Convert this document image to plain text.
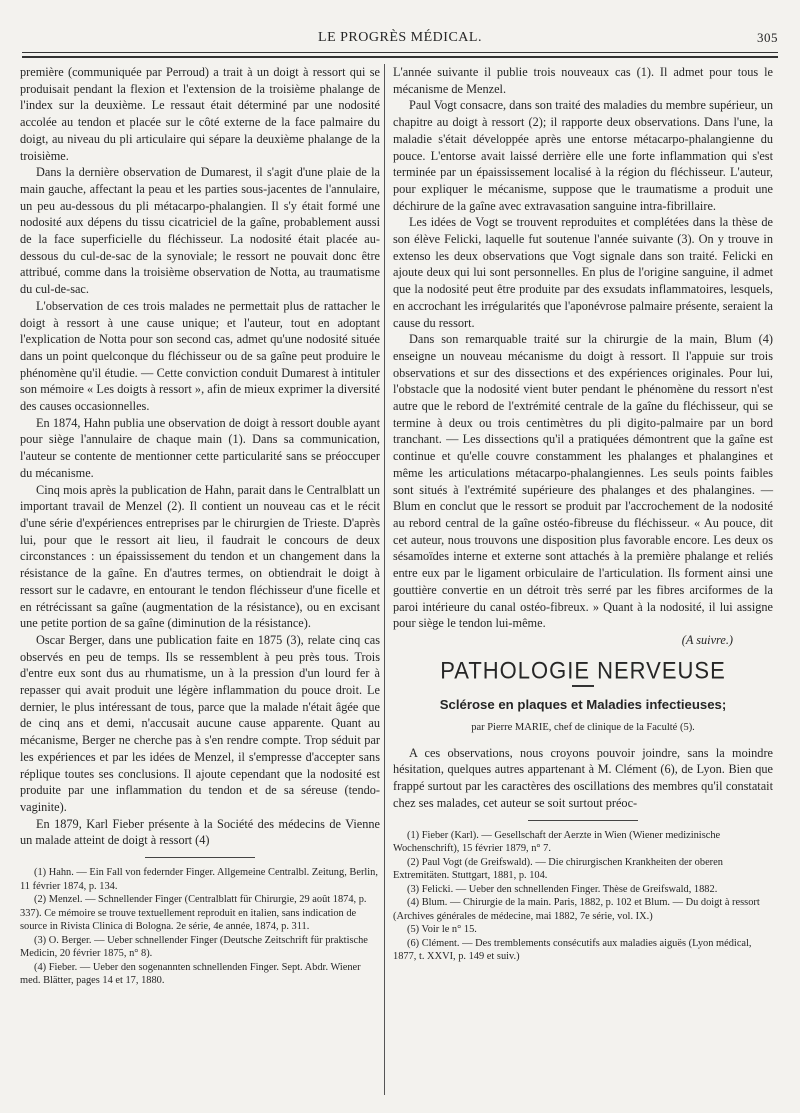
LE PROGRÈS MÉDICAL.	305

première (communiquée par Perroud) a trait à un doigt à ressort qui se produisait pendant la flexion et l'extension de la troisième phalange de l'index sur la deuxième. Le ressaut était déterminé par une nodosité accolée au tendon et placée sur le côté externe de la face palmaire du doigt, au niveau du pli articulaire qui sépare la deuxième phalange de la troisième.

Dans la dernière observation de Dumarest, il s'agit d'une plaie de la main gauche, affectant la peau et les parties sous-jacentes de l'annulaire, un peu au-dessous du pli métacarpo-phalangien. Il s'y était formé une nodosité aux dépens du tissu cicatriciel de la gaîne, probablement aussi de la face superficielle du fléchisseur. La nodosité était placée au-dessous du cul-de-sac de la synoviale; le ressort ne pouvait donc être attribué, comme dans la troisième observation de Notta, au traumatisme du cul-de-sac.

L'observation de ces trois malades ne permettait plus de rattacher le doigt à ressort à une cause unique; et l'auteur, tout en adoptant l'explication de Notta pour son second cas, admet qu'une nodosité située dans un point quelconque du fléchisseur ou de sa gaîne peut produire le phénomène qu'il étudie. — Cette conviction conduit Dumarest à intituler son mémoire « Les doigts à ressort », afin de mieux exprimer la diversité des causes occasionnelles.

En 1874, Hahn publia une observation de doigt à ressort double ayant pour siège l'annulaire de chaque main (1). Dans sa communication, l'auteur se contente de mentionner cette particularité sans se préoccuper du mécanisme.

Cinq mois après la publication de Hahn, parait dans le Centralblatt un important travail de Menzel (2). Il contient un nouveau cas et le récit d'une série d'expériences entreprises par le chirurgien de Trieste. D'après lui, pour que le ressort ait lieu, il faudrait le concours de deux circonstances : un épaississement du tendon et un changement dans la résistance de la gaîne. En d'autres termes, on obtiendrait le doigt à ressort sur le cadavre, en entourant le tendon fléchisseur d'une ficelle et en rétrécissant sa gaîne (augmentation de la résistance), ou en excisant une petite portion de sa gaîne (diminution de la résistance).

Oscar Berger, dans une publication faite en 1875 (3), relate cinq cas observés en peu de temps. Ils se ressemblent à peu près tous. Trois d'entre eux sont dus au rhumatisme, un à la pression d'un lourd fer à repasser qui avait produit une légère inflammation du pouce droit. Le dernier, le plus intéressant de tous, parce que la malade n'était âgée que de cinq ans et demi, n'accusait aucune cause apparente. Quant au mécanisme, Berger ne cherche pas à s'en rendre compte. Trop séduit par les expériences et par les idées de Menzel, il s'empresse d'accepter sans réplique toutes ses conclusions. Il ajoute cependant que la nodosité est produite par une inflammation du tendon et de sa séreuse (tendo-vaginite).

En 1879, Karl Fieber présente à la Société des médecins de Vienne un malade atteint de doigt à ressort (4)

(1) Hahn. — Ein Fall von federnder Finger. Allgemeine Centralbl. Zeitung, Berlin, 11 février 1874, p. 134.

(2) Menzel. — Schnellender Finger (Centralblatt für Chirurgie, 29 août 1874, p. 337). Ce mémoire se trouve textuellement reproduit en italien, sans indication de source in Rivista Clinica di Bologna. 2e série, 4e année, 1874, p. 311.

(3) O. Berger. — Ueber schnellender Finger (Deutsche Zeitschrift für praktische Medicin, 20 février 1875, n° 8).

(4) Fieber. — Ueber den sogenannten schnellenden Finger. Sept. Abdr. Wiener med. Blätter, pages 14 et 17, 1880.

L'année suivante il publie trois nouveaux cas (1). Il admet pour tous le mécanisme de Menzel.

Paul Vogt consacre, dans son traité des maladies du membre supérieur, un chapitre au doigt à ressort (2); il rapporte deux observations. Dans l'une, la maladie s'était développée après une entorse métacarpo-phalangienne du pouce. L'entorse avait laissé derrière elle une forte inflammation qui s'est terminée par un épaississement localisé à la région du fléchisseur. L'auteur, pour expliquer le mécanisme, suppose que le traumatisme a produit une déchirure de la gaîne avec extravasation sanguine intra-fibrillaire.

Les idées de Vogt se trouvent reproduites et complétées dans la thèse de son élève Felicki, laquelle fut soutenue l'année suivante (3). On y trouve in extenso les deux observations que Vogt signale dans son traité. Felicki en ajoute deux qui lui sont personnelles. En plus de l'origine sanguine, il admet que la nodosité peut être produite par des exsudats inflammatoires, lesquels, en accrochant les irrégularités que l'aponévrose palmaire présente, seraient la cause du ressort.

Dans son remarquable traité sur la chirurgie de la main, Blum (4) enseigne un nouveau mécanisme du doigt à ressort. Il l'appuie sur trois observations et sur des dissections et des expériences originales. Pour lui, l'obstacle que la nodosité vient buter pendant le phénomène du ressort n'est autre que le rebord de l'extrémité centrale de la gaîne du fléchisseur, qui se termine à deux ou trois centimètres du pli digito-palmaire par un bord tranchant. — Les dissections qu'il a pratiquées démontrent que la gaîne est continue et qu'elle couvre constamment les phalanges et phalangines et même les articulations métacarpo-phalangiennes. Les seuls points faibles sont situés à l'extrémité supérieure des phalanges et des phalangines. — Blum en conclut que le ressort se produit par l'accrochement de la nodosité au rebord central de la gaîne ostéo-fibreuse du fléchisseur. « Au pouce, dit cet auteur, nous trouvons une disposition plus favorable encore. Les deux os sésamoïdes interne et externe sont attachés à la première phalange et reliés entre eux par le ligament orbiculaire de l'articulation. Ils forment ainsi une gouttière convertie en un détroit très serré par les fibres arciformes de la paroi intérieure du canal ostéo-fibreux. » Quant à la nodosité, il lui assigne pour siège le tendon lui-même.

(A suivre.)
PATHOLOGIE NERVEUSE
Sclérose en plaques et Maladies infectieuses;
par Pierre MARIE, chef de clinique de la Faculté (5).

A ces observations, nous croyons pouvoir joindre, sans la moindre hésitation, quelques autres appartenant à M. Clément (6), de Lyon. Bien que frappé surtout par les caractères des oscillations des membres qu'il constatait chez ses malades, cet auteur se soit surtout préoc-

(1) Fieber (Karl). — Gesellschaft der Aerzte in Wien (Wiener medizinische Wochenschrift), 15 février 1879, n° 7.

(2) Paul Vogt (de Greifswald). — Die chirurgischen Krankheiten der oberen Extremitäten. Stuttgart, 1881, p. 104.

(3) Felicki. — Ueber den schnellenden Finger. Thèse de Greifswald, 1882.

(4) Blum. — Chirurgie de la main. Paris, 1882, p. 102 et Blum. — Du doigt à ressort (Archives générales de médecine, mai 1882, 7e série, vol. IX.)

(5) Voir le n° 15.

(6) Clément. — Des tremblements consécutifs aux maladies aiguës (Lyon médical, 1877, t. XXVI, p. 149 et suiv.)
